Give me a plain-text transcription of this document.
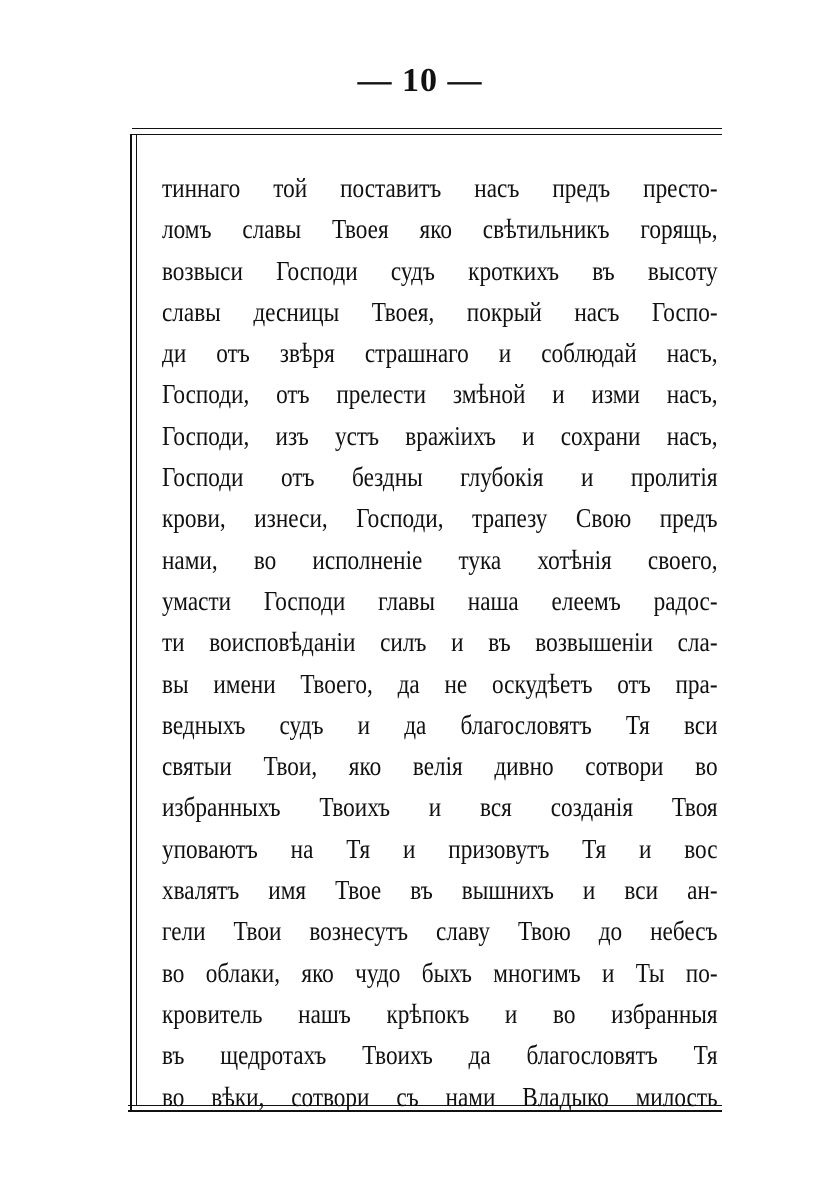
— 10 —
тиннаго той поставитъ насъ предъ престо-
ломъ славы Твоея яко свѣтильникъ горящь,
возвыси Господи судъ кроткихъ въ высоту
славы десницы Твоея, покрый насъ Госпо-
ди отъ звѣря страшнаго и соблюдай насъ,
Господи, отъ прелести змѣной и изми насъ,
Господи, изъ устъ вражіихъ и сохрани насъ,
Господи отъ бездны глубокія и пролитія
крови, изнеси, Господи, трапезу Свою предъ
нами, во исполненіе тука хотѣнія своего,
умасти Господи главы наша елеемъ радос-
ти воисповѣданіи силъ и въ возвышеніи сла-
вы имени Твоего, да не оскудѣетъ отъ пра-
ведныхъ судъ и да благословятъ Тя вси
святыи Твои, яко велія дивно сотвори во
избранныхъ Твоихъ и вся созданія Твоя
уповаютъ на Тя и призовутъ Тя и вос
хвалятъ имя Твое въ вышнихъ и вси ан-
гели Твои вознесутъ славу Твою до небесъ
во облаки, яко чудо быхъ многимъ и Ты по-
кровитель нашъ крѣпокъ и во избранныя
въ щедротахъ Твоихъ да благословятъ Тя
во вѣки, сотвори съ нами Владыко милость
